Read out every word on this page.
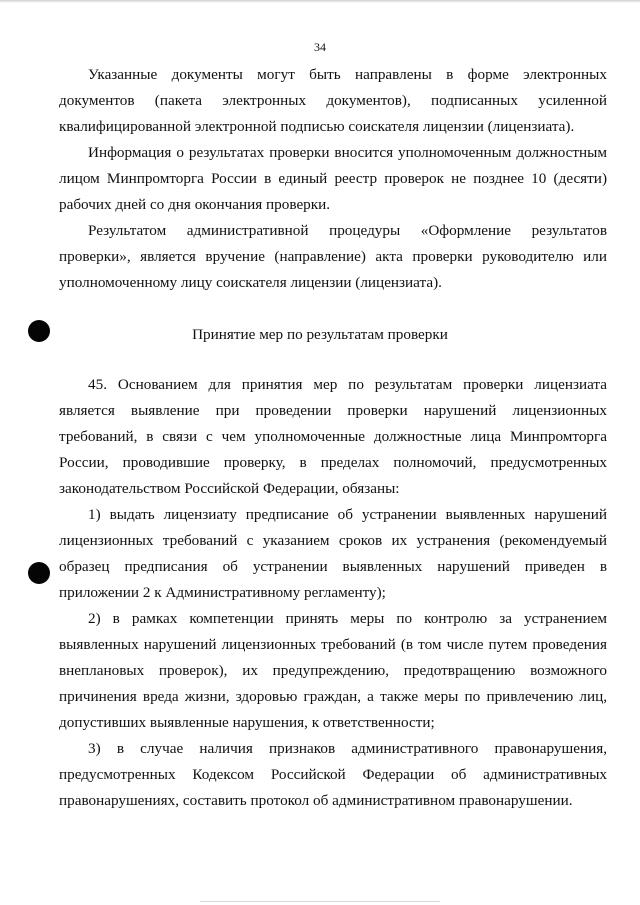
34

Указанные документы могут быть направлены в форме электронных документов (пакета электронных документов), подписанных усиленной квалифицированной электронной подписью соискателя лицензии (лицензиата).

Информация о результатах проверки вносится уполномоченным должностным лицом Минпромторга России в единый реестр проверок не позднее 10 (десяти) рабочих дней со дня окончания проверки.

Результатом административной процедуры «Оформление результатов проверки», является вручение (направление) акта проверки руководителю или уполномоченному лицу соискателя лицензии (лицензиата).

Принятие мер по результатам проверки

45. Основанием для принятия мер по результатам проверки лицензиата является выявление при проведении проверки нарушений лицензионных требований, в связи с чем уполномоченные должностные лица Минпромторга России, проводившие проверку, в пределах полномочий, предусмотренных законодательством Российской Федерации, обязаны:

1) выдать лицензиату предписание об устранении выявленных нарушений лицензионных требований с указанием сроков их устранения (рекомендуемый образец предписания об устранении выявленных нарушений приведен в приложении 2 к Административному регламенту);

2) в рамках компетенции принять меры по контролю за устранением выявленных нарушений лицензионных требований (в том числе путем проведения внеплановых проверок), их предупреждению, предотвращению возможного причинения вреда жизни, здоровью граждан, а также меры по привлечению лиц, допустивших выявленные нарушения, к ответственности;

3) в случае наличия признаков административного правонарушения, предусмотренных Кодексом Российской Федерации об административных правонарушениях, составить протокол об административном правонарушении.
